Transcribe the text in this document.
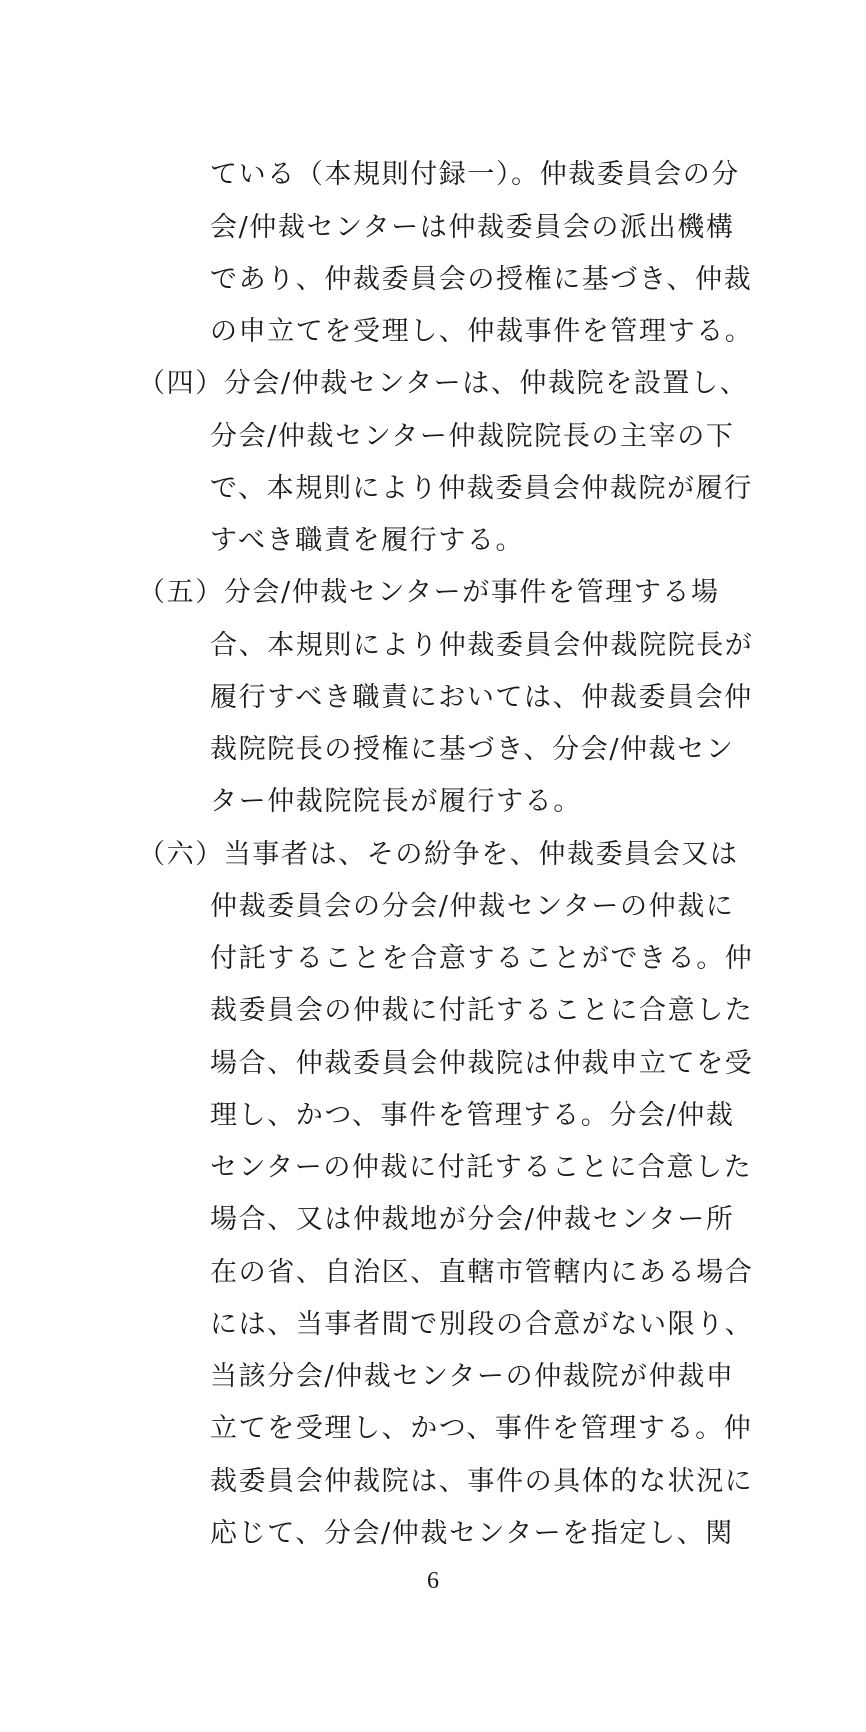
ている（本規則付録一）。仲裁委員会の分
会/仲裁センターは仲裁委員会の派出機構
であり、仲裁委員会の授権に基づき、仲裁
の申立てを受理し、仲裁事件を管理する。
（四）分会/仲裁センターは、仲裁院を設置し、
分会/仲裁センター仲裁院院長の主宰の下
で、本規則により仲裁委員会仲裁院が履行
すべき職責を履行する。
（五）分会/仲裁センターが事件を管理する場
合、本規則により仲裁委員会仲裁院院長が
履行すべき職責においては、仲裁委員会仲
裁院院長の授権に基づき、分会/仲裁セン
ター仲裁院院長が履行する。
（六）当事者は、その紛争を、仲裁委員会又は
仲裁委員会の分会/仲裁センターの仲裁に
付託することを合意することができる。仲
裁委員会の仲裁に付託することに合意した
場合、仲裁委員会仲裁院は仲裁申立てを受
理し、かつ、事件を管理する。分会/仲裁
センターの仲裁に付託することに合意した
場合、又は仲裁地が分会/仲裁センター所
在の省、自治区、直轄市管轄内にある場合
には、当事者間で別段の合意がない限り、
当該分会/仲裁センターの仲裁院が仲裁申
立てを受理し、かつ、事件を管理する。仲
裁委員会仲裁院は、事件の具体的な状況に
応じて、分会/仲裁センターを指定し、関
6
